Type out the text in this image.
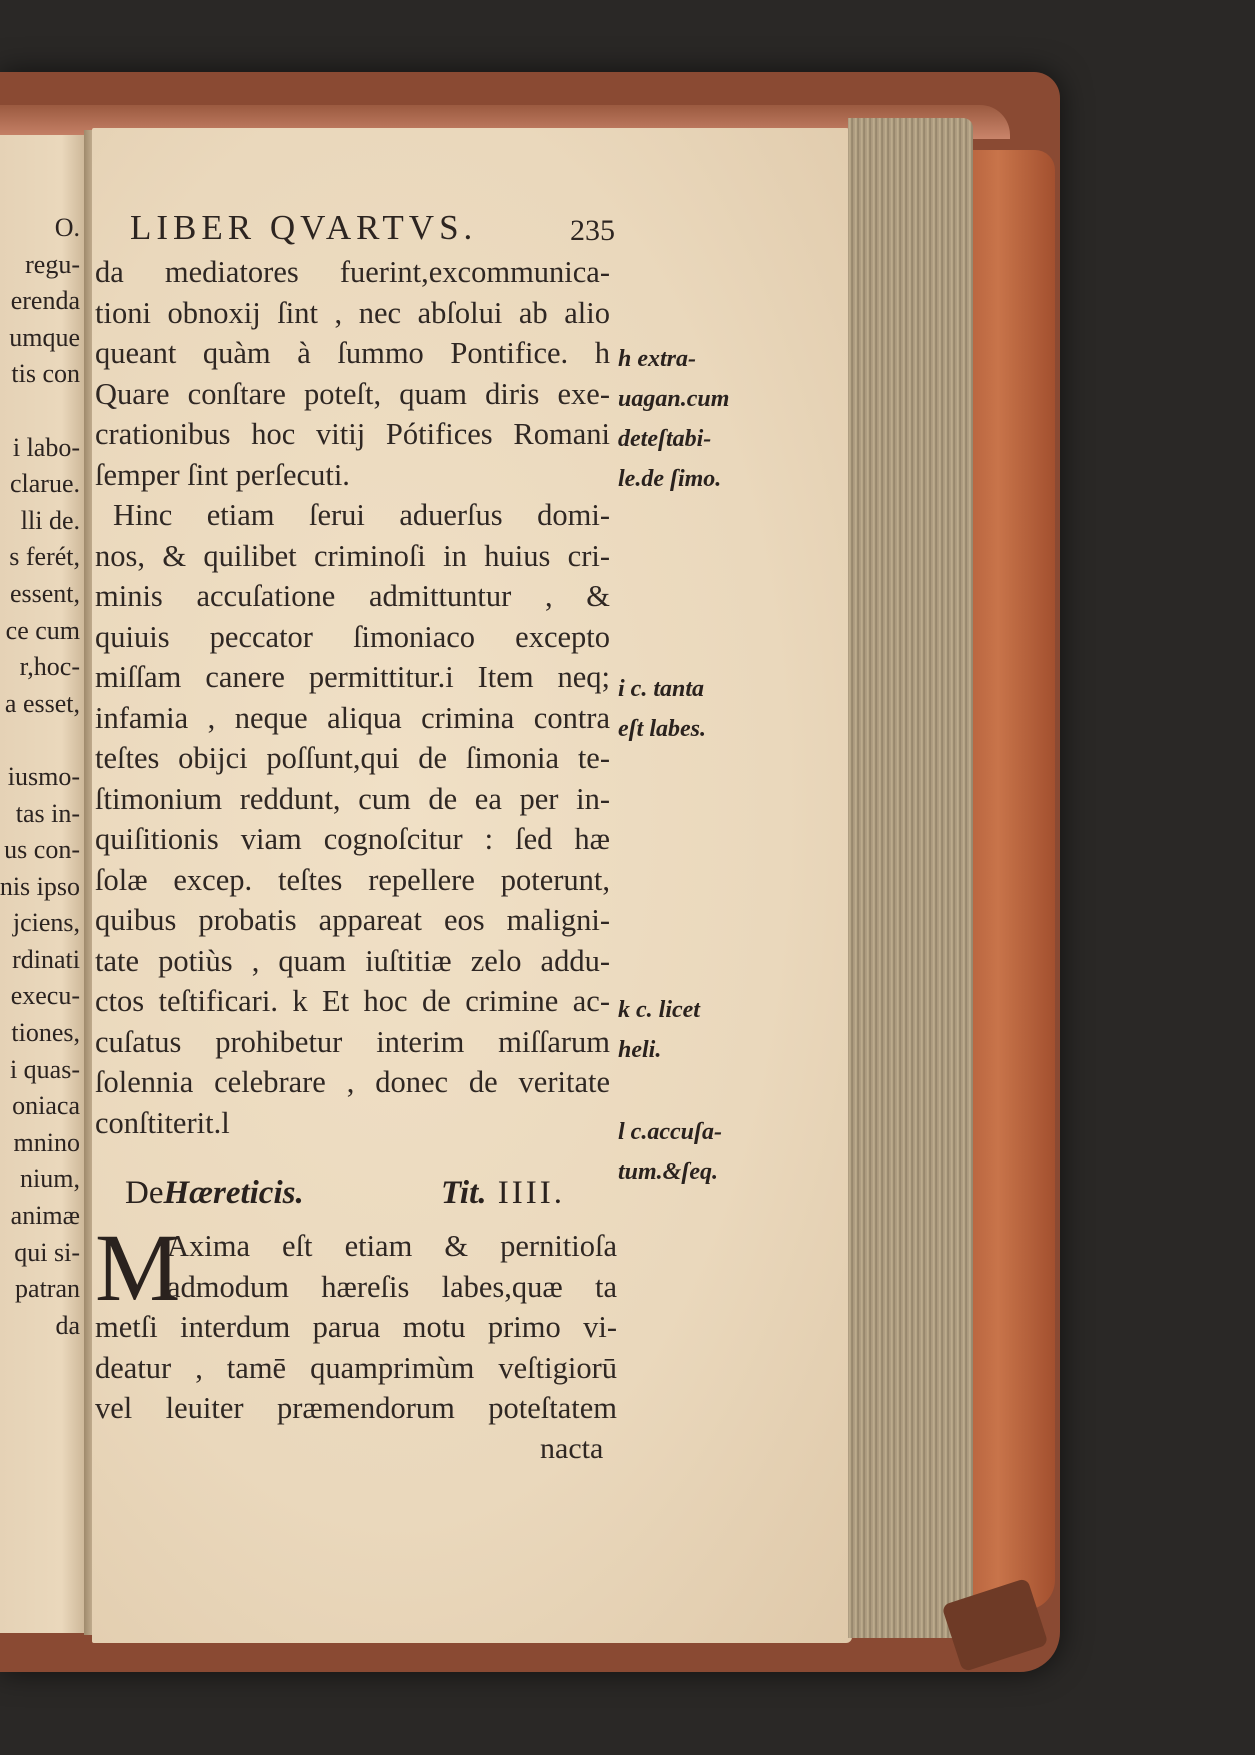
O.
regu-
erenda
umque
tis con
i labo-
clarue.
lli de.
s ferét,
essent,
ce cum
r,hoc-
a esset,
iusmo-
tas in-
us con-
nis ipso
jciens,
rdinati
execu-
tiones,
i quas-
oniaca
mnino
nium,
animæ
qui si-
patran
da
LIBER QVARTVS.	235
da mediatores fuerint,excommunica-
tioni obnoxij ſint , nec abſolui ab alio
queant quàm à ſummo Pontifice. h
Quare conſtare poteſt, quam diris exe-
crationibus hoc vitij Pótifices Romani
ſemper ſint perſecuti.
Hinc etiam ſerui aduerſus domi-
nos, & quilibet criminoſi in huius cri-
minis accuſatione admittuntur , &
quiuis peccator ſimoniaco excepto
miſſam canere permittitur.i Item neq;
infamia , neque aliqua crimina contra
teſtes obijci poſſunt,qui de ſimonia te-
ſtimonium reddunt, cum de ea per in-
quiſitionis viam cognoſcitur : ſed hæ
ſolæ excep. teſtes repellere poterunt,
quibus probatis appareat eos maligni-
tate potiùs , quam iuſtitiæ zelo addu-
ctos teſtificari. k Et hoc de crimine ac-
cuſatus prohibetur interim miſſarum
ſolennia celebrare , donec de veritate
conſtiterit.l
h extra-
uagan.cum
deteſtabi-
le.de ſimo.
i c. tanta
eſt labes.
k c. licet
heli.
l c.accuſa-
tum.&ſeq.
DeHæreticis.	Tit. IIII.
M
Axima eſt etiam & pernitioſa
admodum hæreſis labes,quæ ta
metſi interdum parua motu primo vi-
deatur , tamē quamprimùm veſtigiorū
vel leuiter præmendorum poteſtatem
nacta
